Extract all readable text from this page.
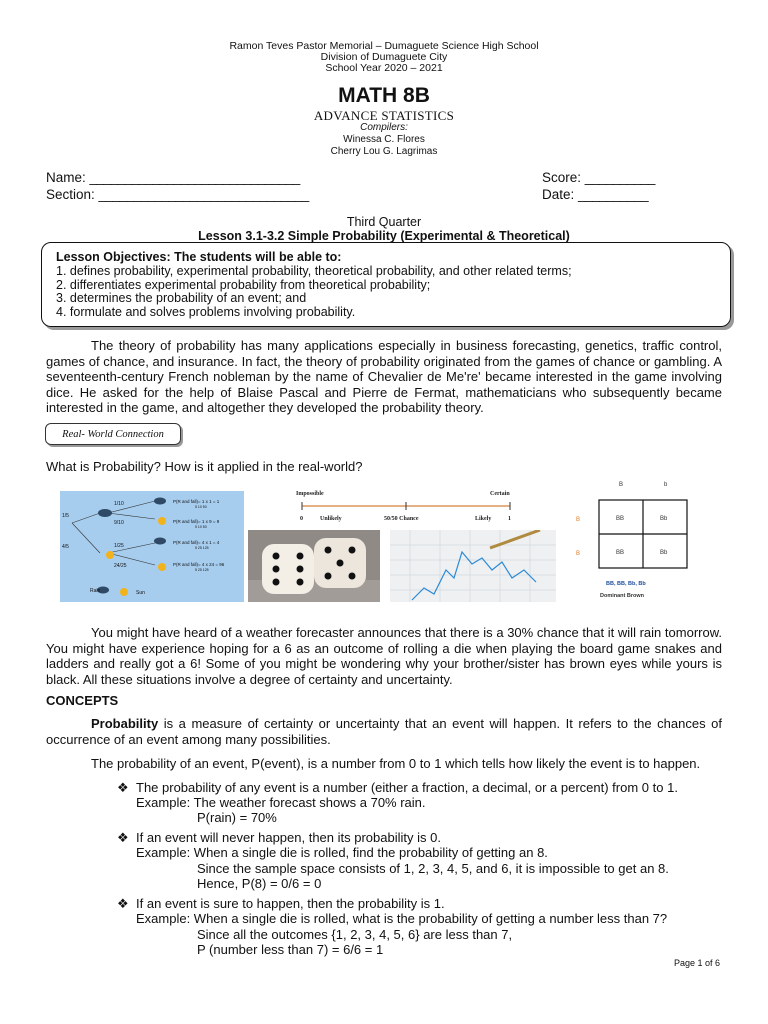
Ramon Teves Pastor Memorial – Dumaguete Science High School
Division of Dumaguete City
School Year 2020 – 2021
MATH 8B
ADVANCE STATISTICS
Compilers:
Winessa C. Flores
Cherry Lou G. Lagrimas
Name: ______________________________
Section: ______________________________
Score: __________
Date: __________
Third Quarter
Lesson 3.1-3.2 Simple Probability (Experimental & Theoretical)
Lesson Objectives: The students will be able to:
1. defines probability, experimental probability, theoretical probability, and other related terms;
2. differentiates experimental probability from theoretical probability;
3. determines the probability of an event; and
4. formulate and solves problems involving probability.

The theory of probability has many applications especially in business forecasting, genetics, traffic control, games of chance, and insurance. In fact, the theory of probability originated from the games of chance or gambling. A seventeenth-century French nobleman by the name of Chevalier de Me're' became interested in the game involving dice. He asked for the help of Blaise Pascal and Pierre de Fermat, mathematicians who subsequently became interested in the game, and altogether they developed the probability theory.

Real- World Connection
What is Probability? How is it applied in the real-world?
1/10
9/10
1/25
24/25
1/5
4/5
P(R and fall)= 1 x 1 = 1
5 10 50
P(R and fall)= 1 x 9 = 9
5 10 50
P(R and fall)= 4 x 1 = 4
5 25 125
P(R and fall)= 4 x 24 = 96
5 25 125
Rain	Sun
Impossible	Certain
0	Unlikely	50/50 Chance	Likely	1
B	b
B
B
BB	Bb
BB	Bb
BB, BB, Bb, Bb
Dominant Brown

You might have heard of a weather forecaster announces that there is a 30% chance that it will rain tomorrow. You might have experience hoping for a 6 as an outcome of rolling a die when playing the board game snakes and ladders and really got a 6! Some of you might be wondering why your brother/sister has brown eyes while yours is black. All these situations involve a degree of certainty and uncertainty.

CONCEPTS

Probability is a measure of certainty or uncertainty that an event will happen. It refers to the chances of occurrence of an event among many possibilities.

The probability of an event, P(event), is a number from 0 to 1 which tells how likely the event is to happen.

❖ The probability of any event is a number (either a fraction, a decimal, or a percent) from 0 to 1.
Example: The weather forecast shows a 70% rain.
P(rain) = 70%
❖ If an event will never happen, then its probability is 0.
Example: When a single die is rolled, find the probability of getting an 8.
Since the sample space consists of 1, 2, 3, 4, 5, and 6, it is impossible to get an 8.
Hence, P(8) = 0/6 = 0
❖ If an event is sure to happen, then the probability is 1.
Example: When a single die is rolled, what is the probability of getting a number less than 7?
Since all the outcomes {1, 2, 3, 4, 5, 6} are less than 7,
P (number less than 7) = 6/6 = 1
Page 1 of 6
